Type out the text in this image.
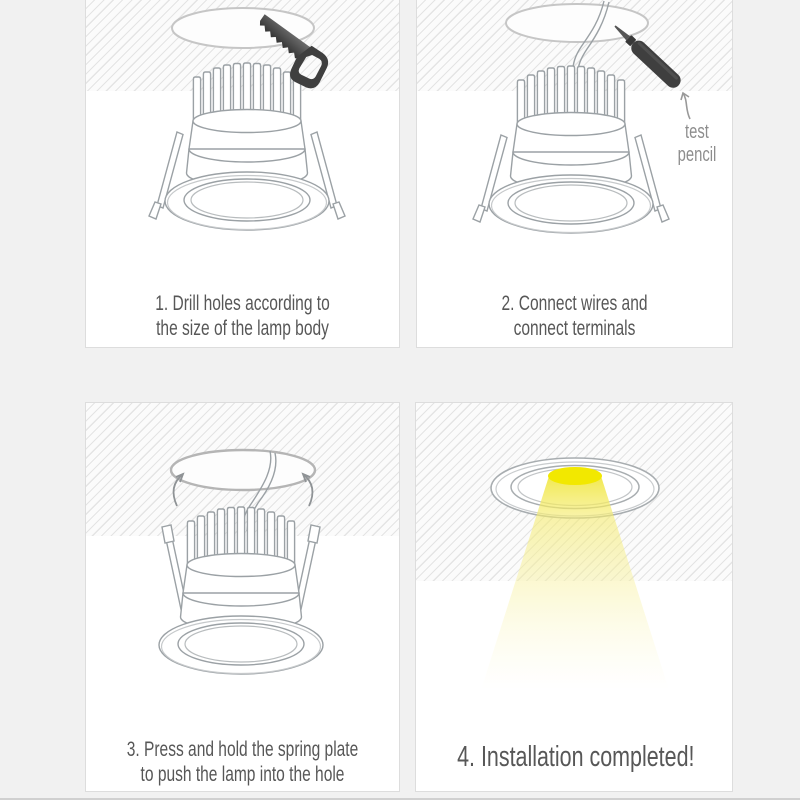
1. Drill holes according to
the size of the lamp body
test
pencil
2. Connect wires and
connect terminals
3. Press and hold the spring plate
to push the lamp into the hole
4. Installation completed!
